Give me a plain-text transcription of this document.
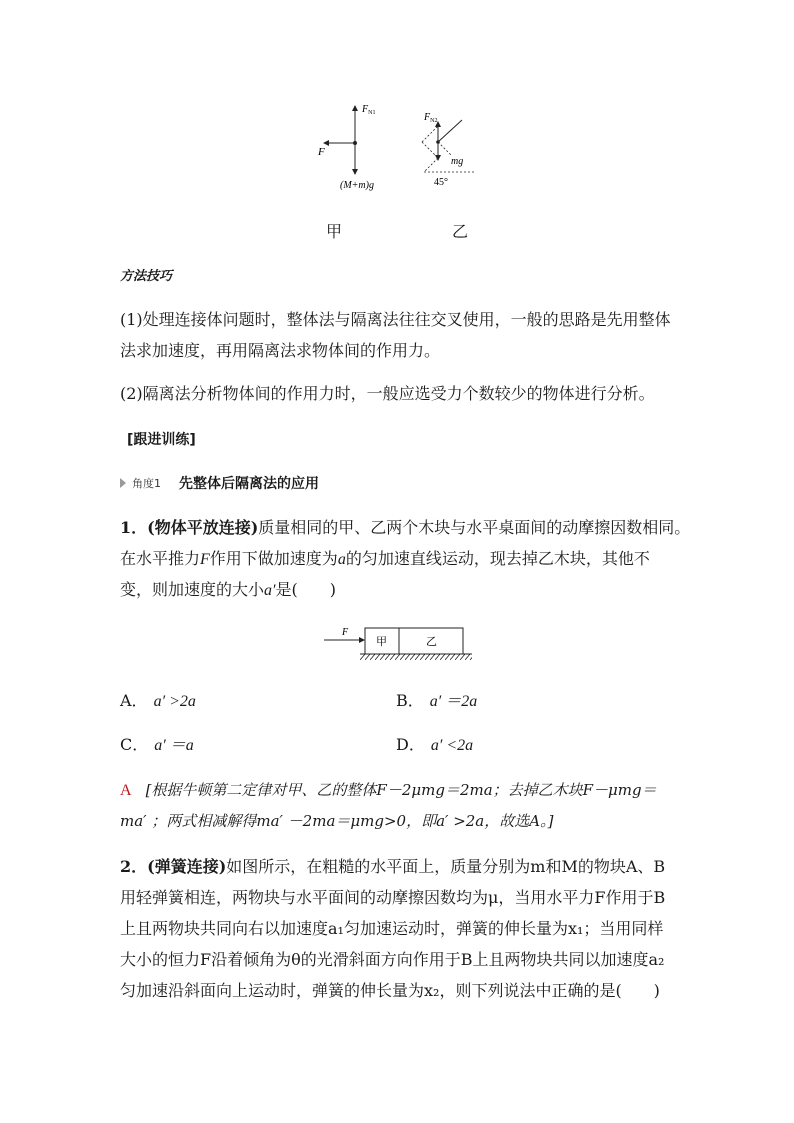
$F_{N1}$
F
(M+m)g
$F_{N2}$
mg
45°
甲	乙
方法技巧
(1)处理连接体问题时，整体法与隔离法往往交叉使用，一般的思路是先用整体
法求加速度，再用隔离法求物体间的作用力。
(2)隔离法分析物体间的作用力时，一般应选受力个数较少的物体进行分析。
[跟进训练]
角度1 先整体后隔离法的应用
1．(物体平放连接)质量相同的甲、乙两个木块与水平桌面间的动摩擦因数相同。
在水平推力F作用下做加速度为a的匀加速直线运动，现去掉乙木块，其他不
变，则加速度的大小a′是(　　)
F
甲	乙
A． a′ >2a	B． a′ ＝2a
C． a′ ＝a	D． a′ <2a
A [根据牛顿第二定律对甲、乙的整体F－2μmg＝2ma；去掉乙木块F－μmg＝
ma′ ；两式相减解得ma′ －2ma＝μmg>0，即a′ >2a，故选A。]
2．(弹簧连接)如图所示，在粗糙的水平面上，质量分别为m和M的物块A、B
用轻弹簧相连，两物块与水平面间的动摩擦因数均为μ，当用水平力F作用于B
上且两物块共同向右以加速度a₁匀加速运动时，弹簧的伸长量为x₁；当用同样
大小的恒力F沿着倾角为θ的光滑斜面方向作用于B上且两物块共同以加速度a₂
匀加速沿斜面向上运动时，弹簧的伸长量为x₂，则下列说法中正确的是(　　)
